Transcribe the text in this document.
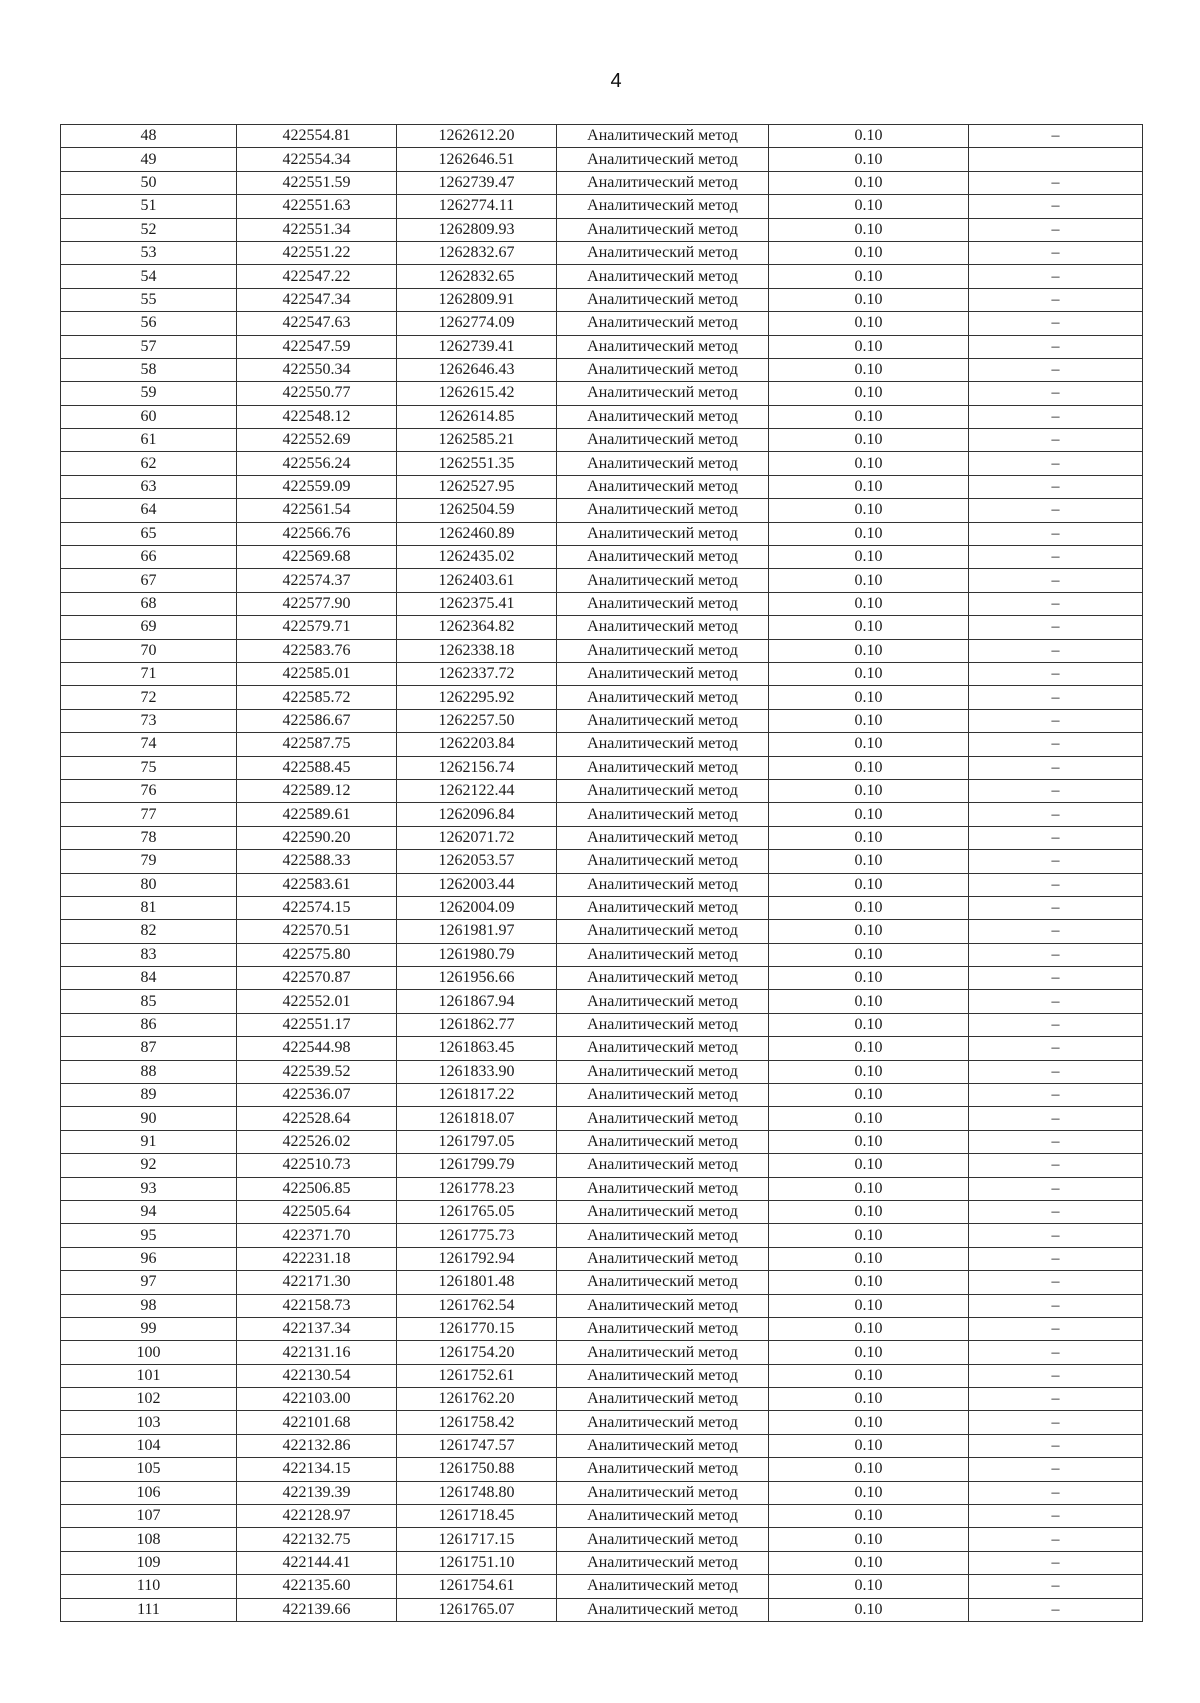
4
48	422554.81	1262612.20	Аналитический метод	0.10	–
49	422554.34	1262646.51	Аналитический метод	0.10	
50	422551.59	1262739.47	Аналитический метод	0.10	–
51	422551.63	1262774.11	Аналитический метод	0.10	–
52	422551.34	1262809.93	Аналитический метод	0.10	–
53	422551.22	1262832.67	Аналитический метод	0.10	–
54	422547.22	1262832.65	Аналитический метод	0.10	–
55	422547.34	1262809.91	Аналитический метод	0.10	–
56	422547.63	1262774.09	Аналитический метод	0.10	–
57	422547.59	1262739.41	Аналитический метод	0.10	–
58	422550.34	1262646.43	Аналитический метод	0.10	–
59	422550.77	1262615.42	Аналитический метод	0.10	–
60	422548.12	1262614.85	Аналитический метод	0.10	–
61	422552.69	1262585.21	Аналитический метод	0.10	–
62	422556.24	1262551.35	Аналитический метод	0.10	–
63	422559.09	1262527.95	Аналитический метод	0.10	–
64	422561.54	1262504.59	Аналитический метод	0.10	–
65	422566.76	1262460.89	Аналитический метод	0.10	–
66	422569.68	1262435.02	Аналитический метод	0.10	–
67	422574.37	1262403.61	Аналитический метод	0.10	–
68	422577.90	1262375.41	Аналитический метод	0.10	–
69	422579.71	1262364.82	Аналитический метод	0.10	–
70	422583.76	1262338.18	Аналитический метод	0.10	–
71	422585.01	1262337.72	Аналитический метод	0.10	–
72	422585.72	1262295.92	Аналитический метод	0.10	–
73	422586.67	1262257.50	Аналитический метод	0.10	–
74	422587.75	1262203.84	Аналитический метод	0.10	–
75	422588.45	1262156.74	Аналитический метод	0.10	–
76	422589.12	1262122.44	Аналитический метод	0.10	–
77	422589.61	1262096.84	Аналитический метод	0.10	–
78	422590.20	1262071.72	Аналитический метод	0.10	–
79	422588.33	1262053.57	Аналитический метод	0.10	–
80	422583.61	1262003.44	Аналитический метод	0.10	–
81	422574.15	1262004.09	Аналитический метод	0.10	–
82	422570.51	1261981.97	Аналитический метод	0.10	–
83	422575.80	1261980.79	Аналитический метод	0.10	–
84	422570.87	1261956.66	Аналитический метод	0.10	–
85	422552.01	1261867.94	Аналитический метод	0.10	–
86	422551.17	1261862.77	Аналитический метод	0.10	–
87	422544.98	1261863.45	Аналитический метод	0.10	–
88	422539.52	1261833.90	Аналитический метод	0.10	–
89	422536.07	1261817.22	Аналитический метод	0.10	–
90	422528.64	1261818.07	Аналитический метод	0.10	–
91	422526.02	1261797.05	Аналитический метод	0.10	–
92	422510.73	1261799.79	Аналитический метод	0.10	–
93	422506.85	1261778.23	Аналитический метод	0.10	–
94	422505.64	1261765.05	Аналитический метод	0.10	–
95	422371.70	1261775.73	Аналитический метод	0.10	–
96	422231.18	1261792.94	Аналитический метод	0.10	–
97	422171.30	1261801.48	Аналитический метод	0.10	–
98	422158.73	1261762.54	Аналитический метод	0.10	–
99	422137.34	1261770.15	Аналитический метод	0.10	–
100	422131.16	1261754.20	Аналитический метод	0.10	–
101	422130.54	1261752.61	Аналитический метод	0.10	–
102	422103.00	1261762.20	Аналитический метод	0.10	–
103	422101.68	1261758.42	Аналитический метод	0.10	–
104	422132.86	1261747.57	Аналитический метод	0.10	–
105	422134.15	1261750.88	Аналитический метод	0.10	–
106	422139.39	1261748.80	Аналитический метод	0.10	–
107	422128.97	1261718.45	Аналитический метод	0.10	–
108	422132.75	1261717.15	Аналитический метод	0.10	–
109	422144.41	1261751.10	Аналитический метод	0.10	–
110	422135.60	1261754.61	Аналитический метод	0.10	–
111	422139.66	1261765.07	Аналитический метод	0.10	–
